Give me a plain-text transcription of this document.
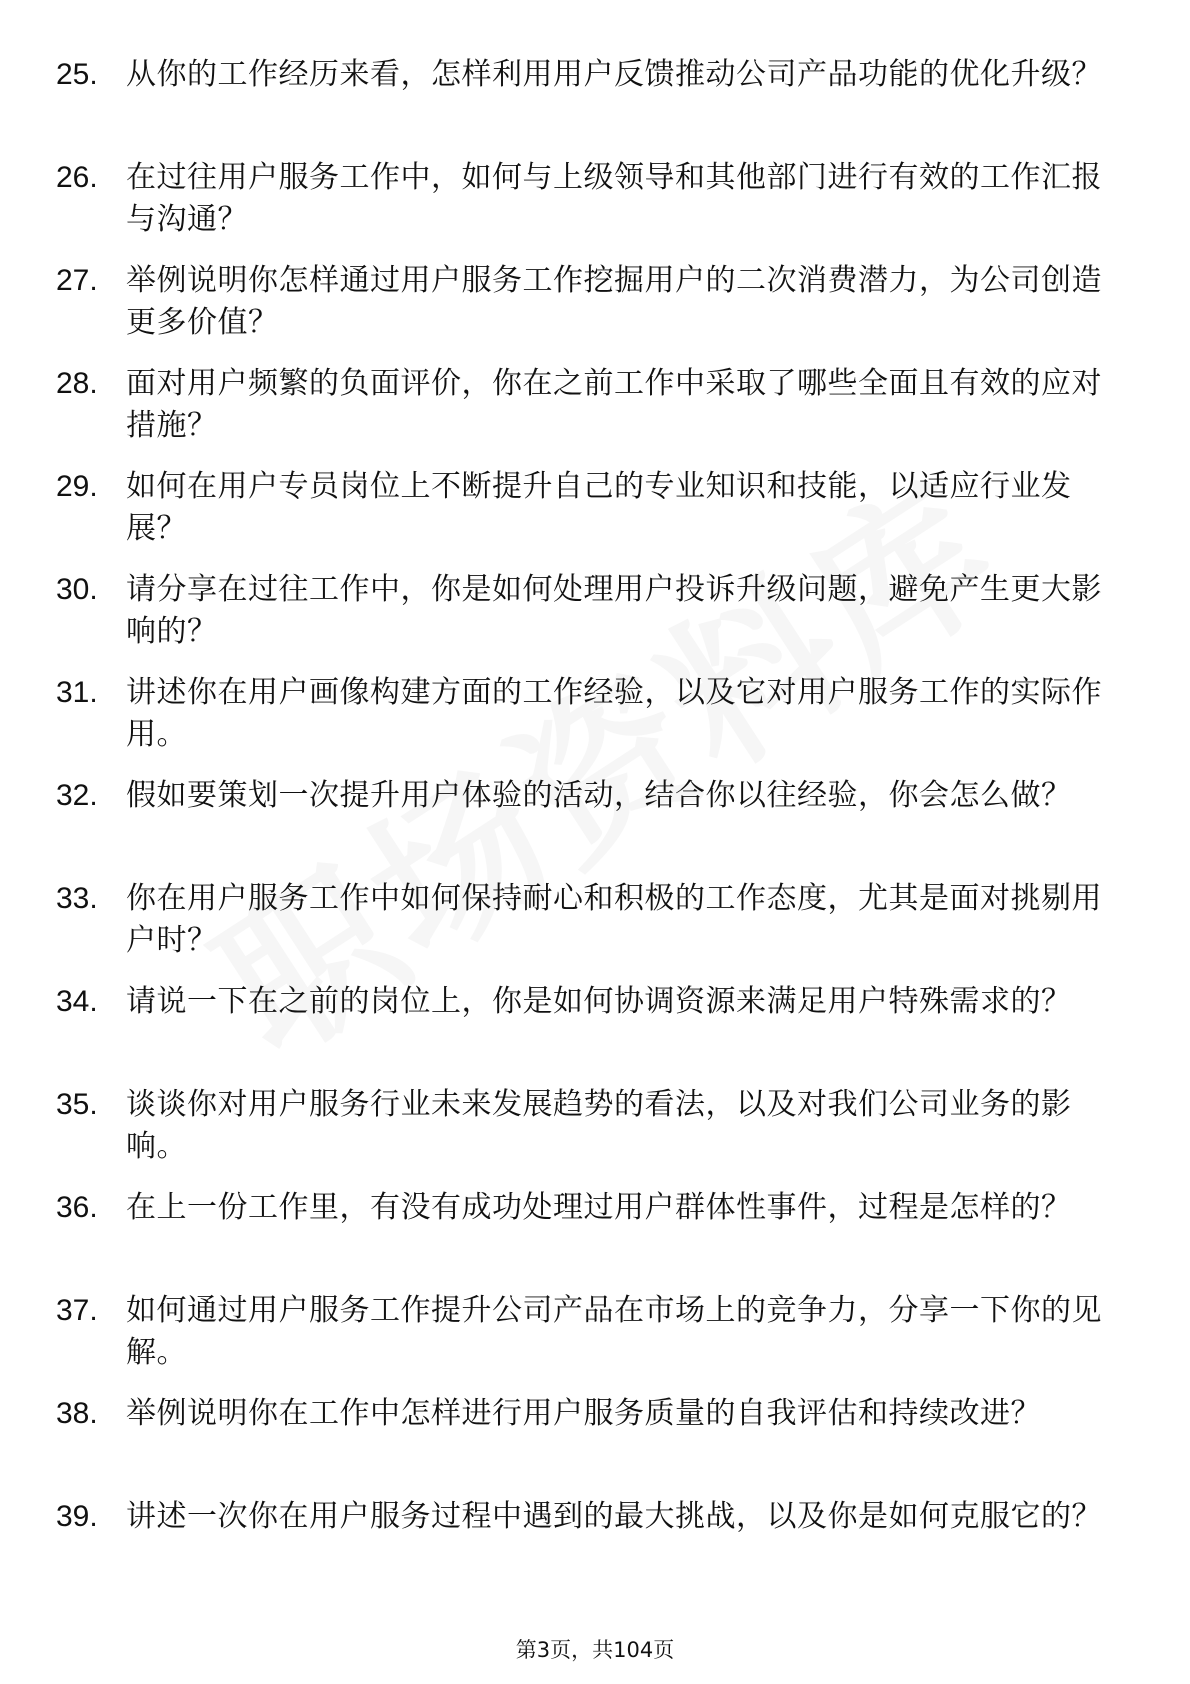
25. 从你的工作经历来看，怎样利用用户反馈推动公司产品功能的优化升级？
26. 在过往用户服务工作中，如何与上级领导和其他部门进行有效的工作汇报与沟通？
27. 举例说明你怎样通过用户服务工作挖掘用户的二次消费潜力，为公司创造更多价值？
28. 面对用户频繁的负面评价，你在之前工作中采取了哪些全面且有效的应对措施？
29. 如何在用户专员岗位上不断提升自己的专业知识和技能，以适应行业发展？
30. 请分享在过往工作中，你是如何处理用户投诉升级问题，避免产生更大影响的？
31. 讲述你在用户画像构建方面的工作经验，以及它对用户服务工作的实际作用。
32. 假如要策划一次提升用户体验的活动，结合你以往经验，你会怎么做？
33. 你在用户服务工作中如何保持耐心和积极的工作态度，尤其是面对挑剔用户时？
34. 请说一下在之前的岗位上，你是如何协调资源来满足用户特殊需求的？
35. 谈谈你对用户服务行业未来发展趋势的看法，以及对我们公司业务的影响。
36. 在上一份工作里，有没有成功处理过用户群体性事件，过程是怎样的？
37. 如何通过用户服务工作提升公司产品在市场上的竞争力，分享一下你的见解。
38. 举例说明你在工作中怎样进行用户服务质量的自我评估和持续改进？
39. 讲述一次你在用户服务过程中遇到的最大挑战，以及你是如何克服它的？
第3页，共104页
